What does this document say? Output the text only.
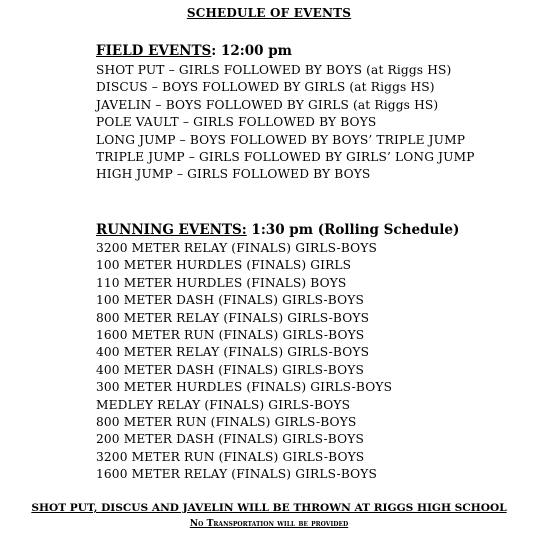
SCHEDULE OF EVENTS
FIELD EVENTS: 12:00 pm
SHOT PUT – GIRLS FOLLOWED BY BOYS (at Riggs HS)
DISCUS – BOYS FOLLOWED BY GIRLS (at Riggs HS)
JAVELIN – BOYS FOLLOWED BY GIRLS (at Riggs HS)
POLE VAULT – GIRLS FOLLOWED BY BOYS
LONG JUMP – BOYS FOLLOWED BY BOYS’ TRIPLE JUMP
TRIPLE JUMP – GIRLS FOLLOWED BY GIRLS’ LONG JUMP
HIGH JUMP – GIRLS FOLLOWED BY BOYS
RUNNING EVENTS: 1:30 pm (Rolling Schedule)
3200 METER RELAY (FINALS) GIRLS-BOYS
100 METER HURDLES (FINALS) GIRLS
110 METER HURDLES (FINALS) BOYS
100 METER DASH (FINALS) GIRLS-BOYS
800 METER RELAY (FINALS) GIRLS-BOYS
1600 METER RUN (FINALS) GIRLS-BOYS
400 METER RELAY (FINALS) GIRLS-BOYS
400 METER DASH (FINALS) GIRLS-BOYS
300 METER HURDLES (FINALS) GIRLS-BOYS
MEDLEY RELAY (FINALS) GIRLS-BOYS
800 METER RUN (FINALS) GIRLS-BOYS
200 METER DASH (FINALS) GIRLS-BOYS
3200 METER RUN (FINALS) GIRLS-BOYS
1600 METER RELAY (FINALS) GIRLS-BOYS
SHOT PUT, DISCUS AND JAVELIN WILL BE THROWN AT RIGGS HIGH SCHOOL
No Transportation will be provided
